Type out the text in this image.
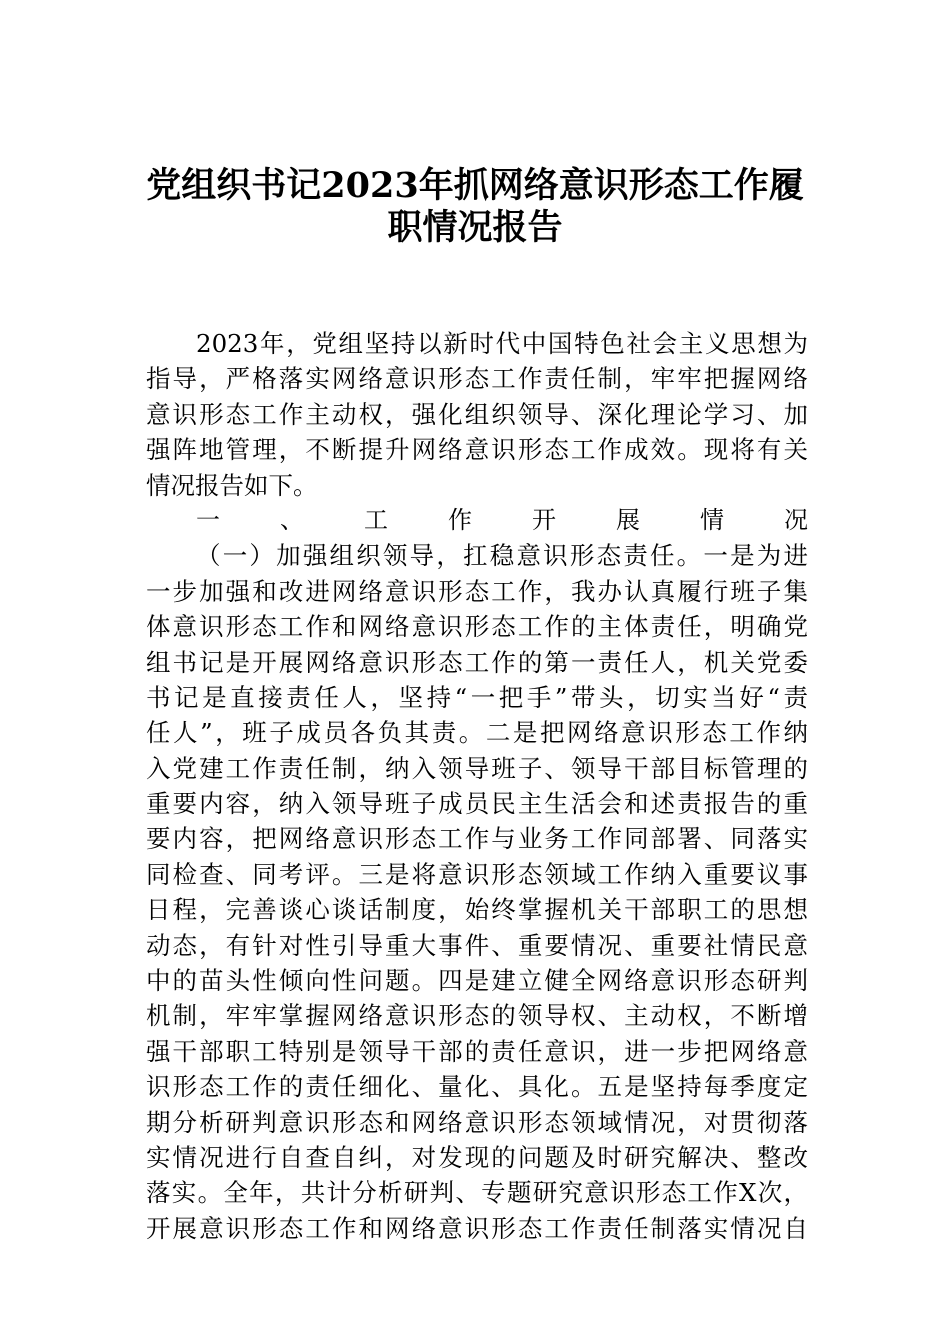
党组织书记2023年抓网络意识形态工作履
职情况报告
2023年，党组坚持以新时代中国特色社会主义思想为
指导，严格落实网络意识形态工作责任制，牢牢把握网络
意识形态工作主动权，强化组织领导、深化理论学习、加
强阵地管理，不断提升网络意识形态工作成效。现将有关
情况报告如下。
一、工作开展情况
（一）加强组织领导，扛稳意识形态责任。一是为进
一步加强和改进网络意识形态工作，我办认真履行班子集
体意识形态工作和网络意识形态工作的主体责任，明确党
组书记是开展网络意识形态工作的第一责任人，机关党委
书记是直接责任人，坚持“一把手”带头，切实当好“责
任人”，班子成员各负其责。二是把网络意识形态工作纳
入党建工作责任制，纳入领导班子、领导干部目标管理的
重要内容，纳入领导班子成员民主生活会和述责报告的重
要内容，把网络意识形态工作与业务工作同部署、同落实
同检查、同考评。三是将意识形态领域工作纳入重要议事
日程，完善谈心谈话制度，始终掌握机关干部职工的思想
动态，有针对性引导重大事件、重要情况、重要社情民意
中的苗头性倾向性问题。四是建立健全网络意识形态研判
机制，牢牢掌握网络意识形态的领导权、主动权，不断增
强干部职工特别是领导干部的责任意识，进一步把网络意
识形态工作的责任细化、量化、具化。五是坚持每季度定
期分析研判意识形态和网络意识形态领域情况，对贯彻落
实情况进行自查自纠，对发现的问题及时研究解决、整改
落实。全年，共计分析研判、专题研究意识形态工作X次，
开展意识形态工作和网络意识形态工作责任制落实情况自
